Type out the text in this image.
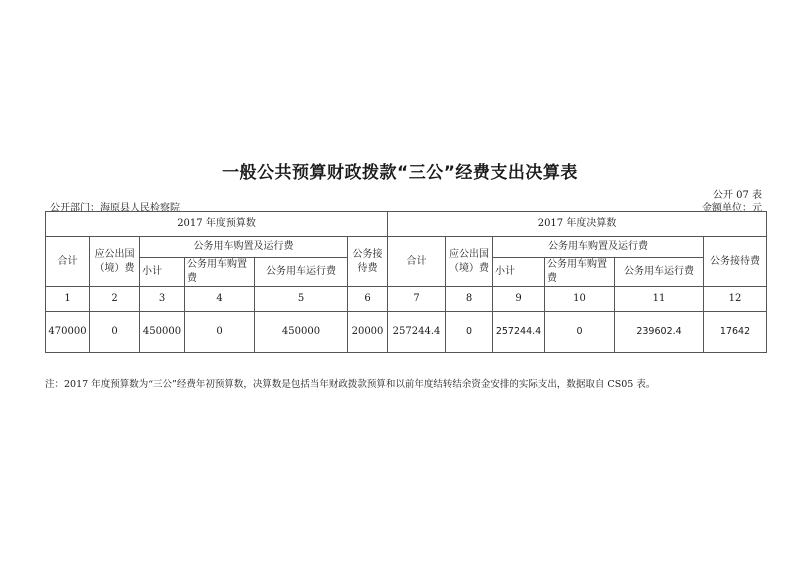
一般公共预算财政拨款“三公”经费支出决算表
公开 07 表
公开部门：海原县人民检察院	金额单位：元
2017 年度预算数						2017 年度决算数					
合计	应公出国（境）费	公务用车购置及运行费			公务接待费	合计	应公出国（境）费	公务用车购置及运行费			公务接待费
		小计	公务用车购置费	公务用车运行费				小计	公务用车购置费	公务用车运行费	
1	2	3	4	5	6	7	8	9	10	11	12
470000	0	450000	0	450000	20000	257244.4	0	257244.4	0	239602.4	17642
注：2017 年度预算数为“三公”经费年初预算数，决算数是包括当年财政拨款预算和以前年度结转结余资金安排的实际支出，数据取自 CS05 表。
